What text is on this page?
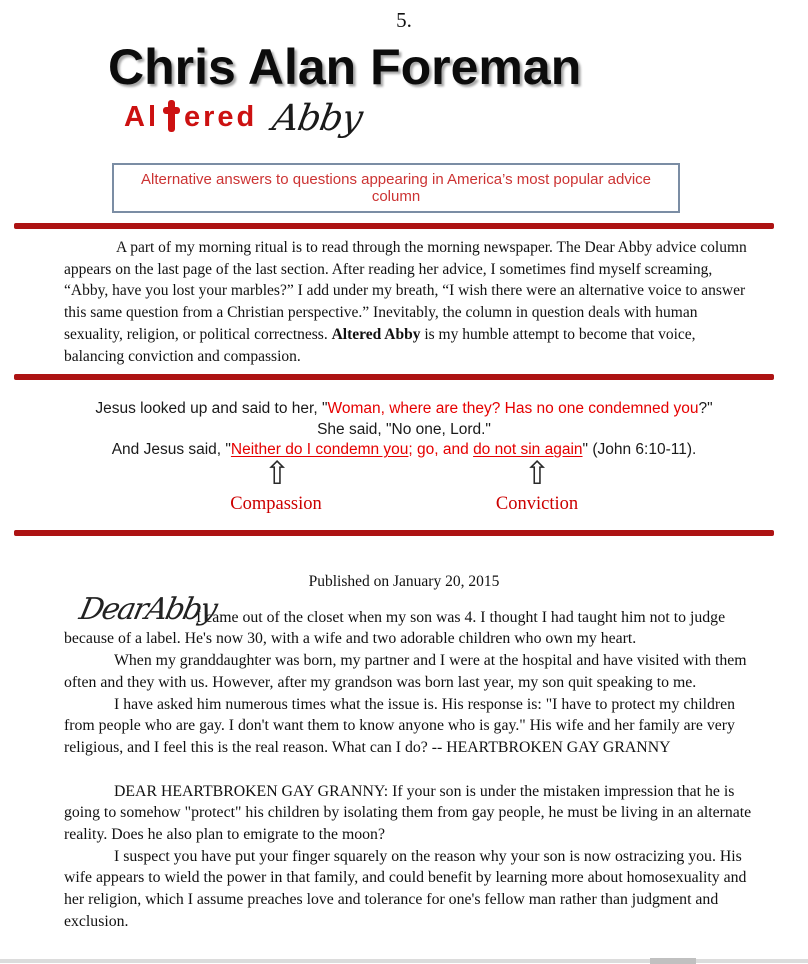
5.
Chris Alan Foreman
Al ered Abby
Alternative answers to questions appearing in America’s most popular advice column

A part of my morning ritual is to read through the morning newspaper. The Dear Abby advice column appears on the last page of the last section. After reading her advice, I sometimes find myself screaming, “Abby, have you lost your marbles?” I add under my breath, “I wish there were an alternative voice to answer this same question from a Christian perspective.” Inevitably, the column in question deals with human sexuality, religion, or political correctness. Altered Abby is my humble attempt to become that voice, balancing conviction and compassion.

Jesus looked up and said to her, "Woman, where are they? Has no one condemned you?"
She said, "No one, Lord."
And Jesus said, "Neither do I condemn you; go, and do not sin again" (John 6:10-11).
⇧	⇧
Compassion	Conviction
Published on January 20, 2015

DearAbby
I came out of the closet when my son was 4. I thought I had taught him not to judge because of a label. He's now 30, with a wife and two adorable children who own my heart.

When my granddaughter was born, my partner and I were at the hospital and have visited with them often and they with us. However, after my grandson was born last year, my son quit speaking to me.

I have asked him numerous times what the issue is. His response is: "I have to protect my children from people who are gay. I don't want them to know anyone who is gay." His wife and her family are very religious, and I feel this is the real reason. What can I do? -- HEARTBROKEN GAY GRANNY

DEAR HEARTBROKEN GAY GRANNY: If your son is under the mistaken impression that he is going to somehow "protect" his children by isolating them from gay people, he must be living in an alternate reality. Does he also plan to emigrate to the moon?

I suspect you have put your finger squarely on the reason why your son is now ostracizing you. His wife appears to wield the power in that family, and could benefit by learning more about homosexuality and her religion, which I assume preaches love and tolerance for one's fellow man rather than judgment and exclusion.
